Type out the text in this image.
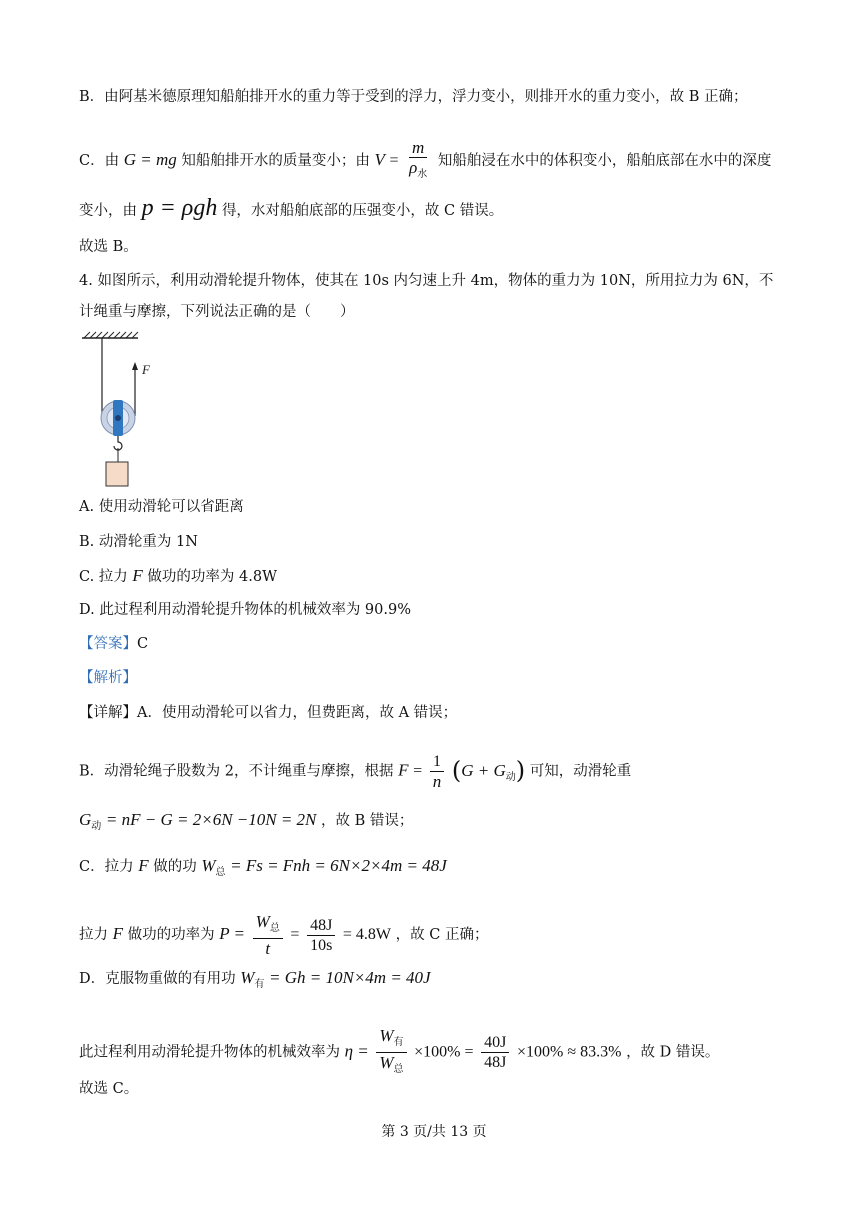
B．由阿基米德原理知船舶排开水的重力等于受到的浮力，浮力变小，则排开水的重力变小，故 B 正确；
C．由 G = mg 知船舶排开水的质量变小；由 $V = \frac{m}{\rho_水}$ 知船舶浸在水中的体积变小，船舶底部在水中的深度
变小，由 p = ρgh 得，水对船舶底部的压强变小，故 C 错误。
故选 B。
4. 如图所示，利用动滑轮提升物体，使其在 10s 内匀速上升 4m，物体的重力为 10N，所用拉力为 6N，不
计绳重与摩擦，下列说法正确的是（　　）
F
A. 使用动滑轮可以省距离
B. 动滑轮重为 1N
C. 拉力 F 做功的功率为 4.8W
D. 此过程利用动滑轮提升物体的机械效率为 90.9%
【答案】C
【解析】
【详解】A．使用动滑轮可以省力，但费距离，故 A 错误；
B．动滑轮绳子股数为 2，不计绳重与摩擦，根据 $F = \frac{1}{n} (G + G_动)$ 可知，动滑轮重
$G_动$ = nF − G = 2×6N −10N = 2N ，故 B 错误；
C．拉力 F 做的功 $W_总 = Fs$ = Fnh = 6N×2×4m = 48J
拉力 F 做功的功率为 $P = \frac{W_总}{t} = \frac{48J}{10s} = 4.8W$ ，故 C 正确；
D．克服物重做的有用功 $W_有 = Gh = 10N\times 4m = 40J$
此过程利用动滑轮提升物体的机械效率为 $\eta = \frac{W_有}{W_总} \times 100\% = \frac{40J}{48J} \times 100\% \approx 83.3\%$ ，故 D 错误。
故选 C。
第 3 页/共 13 页
